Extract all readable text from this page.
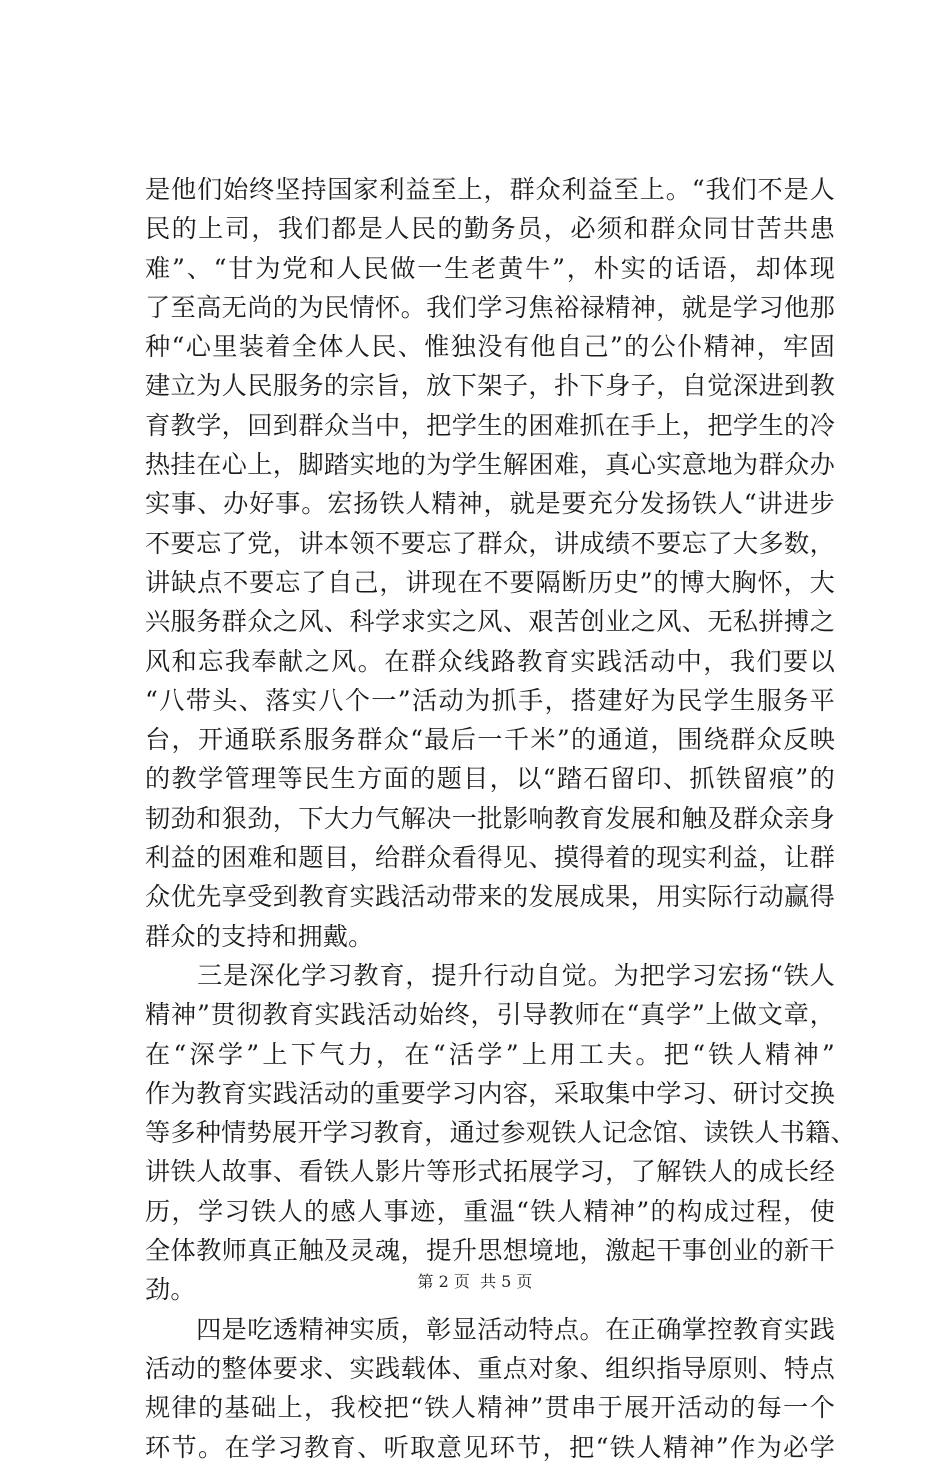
是他们始终坚持国家利益至上，群众利益至上。“我们不是人
民的上司，我们都是人民的勤务员，必须和群众同甘苦共患
难”、“甘为党和人民做一生老黄牛”，朴实的话语，却体现
了至高无尚的为民情怀。我们学习焦裕禄精神，就是学习他那
种“心里装着全体人民、惟独没有他自己”的公仆精神，牢固
建立为人民服务的宗旨，放下架子，扑下身子，自觉深进到教
育教学，回到群众当中，把学生的困难抓在手上，把学生的冷
热挂在心上，脚踏实地的为学生解困难，真心实意地为群众办
实事、办好事。宏扬铁人精神，就是要充分发扬铁人“讲进步
不要忘了党，讲本领不要忘了群众，讲成绩不要忘了大多数，
讲缺点不要忘了自己，讲现在不要隔断历史”的博大胸怀，大
兴服务群众之风、科学求实之风、艰苦创业之风、无私拼搏之
风和忘我奉献之风。在群众线路教育实践活动中，我们要以
“八带头、落实八个一”活动为抓手，搭建好为民学生服务平
台，开通联系服务群众“最后一千米”的通道，围绕群众反映
的教学管理等民生方面的题目，以“踏石留印、抓铁留痕”的
韧劲和狠劲，下大力气解决一批影响教育发展和触及群众亲身
利益的困难和题目，给群众看得见、摸得着的现实利益，让群
众优先享受到教育实践活动带来的发展成果，用实际行动赢得
群众的支持和拥戴。
　　三是深化学习教育，提升行动自觉。为把学习宏扬“铁人
精神”贯彻教育实践活动始终，引导教师在“真学”上做文章，
在“深学”上下气力，在“活学”上用工夫。把“铁人精神”
作为教育实践活动的重要学习内容，采取集中学习、研讨交换
等多种情势展开学习教育，通过参观铁人记念馆、读铁人书籍、
讲铁人故事、看铁人影片等形式拓展学习，了解铁人的成长经
历，学习铁人的感人事迹，重温“铁人精神”的构成过程，使
全体教师真正触及灵魂，提升思想境地，激起干事创业的新干
劲。
　　四是吃透精神实质，彰显活动特点。在正确掌控教育实践
活动的整体要求、实践载体、重点对象、组织指导原则、特点
规律的基础上，我校把“铁人精神”贯串于展开活动的每一个
环节。在学习教育、听取意见环节，把“铁人精神”作为必学
第 2 页  共 5 页
